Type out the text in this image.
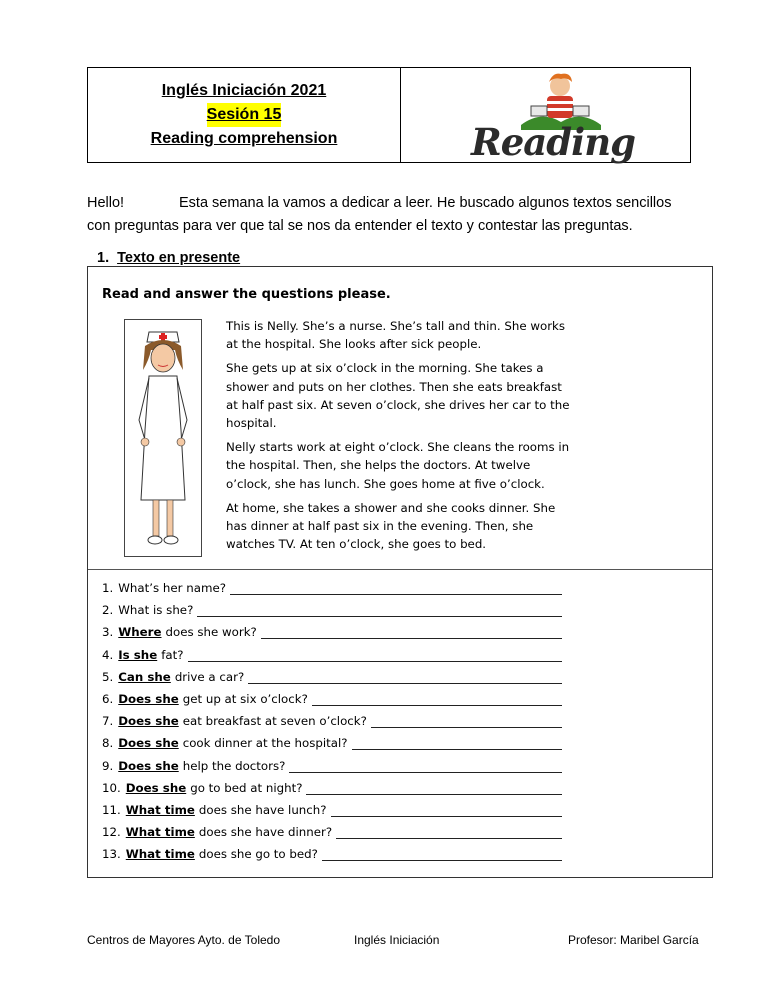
Inglés Iniciación 2021
Sesión 15
Reading comprehension	Reading
Hello!	Esta semana la vamos a dedicar a leer. He buscado algunos textos sencillos con preguntas para ver que tal se nos da entender el texto y contestar las preguntas.
1. Texto en presente
Read and answer the questions please.

This is Nelly. She’s a nurse. She’s tall and thin. She works at the hospital. She looks after sick people.

She gets up at six o’clock in the morning. She takes a shower and puts on her clothes. Then she eats breakfast at half past six. At seven o’clock, she drives her car to the hospital.

Nelly starts work at eight o’clock. She cleans the rooms in the hospital. Then, she helps the doctors. At twelve o’clock, she has lunch. She goes home at five o’clock.

At home, she takes a shower and she cooks dinner. She has dinner at half past six in the evening. Then, she watches TV. At ten o’clock, she goes to bed.

1. What’s her name?
2. What is she?
3. Where does she work?
4. Is she fat?
5. Can she drive a car?
6. Does she get up at six o’clock?
7. Does she eat breakfast at seven o’clock?
8. Does she cook dinner at the hospital?
9. Does she help the doctors?
10. Does she go to bed at night?
11. What time does she have lunch?
12. What time does she have dinner?
13. What time does she go to bed?
Centros de Mayores Ayto. de Toledo	Inglés Iniciación	Profesor: Maribel García
